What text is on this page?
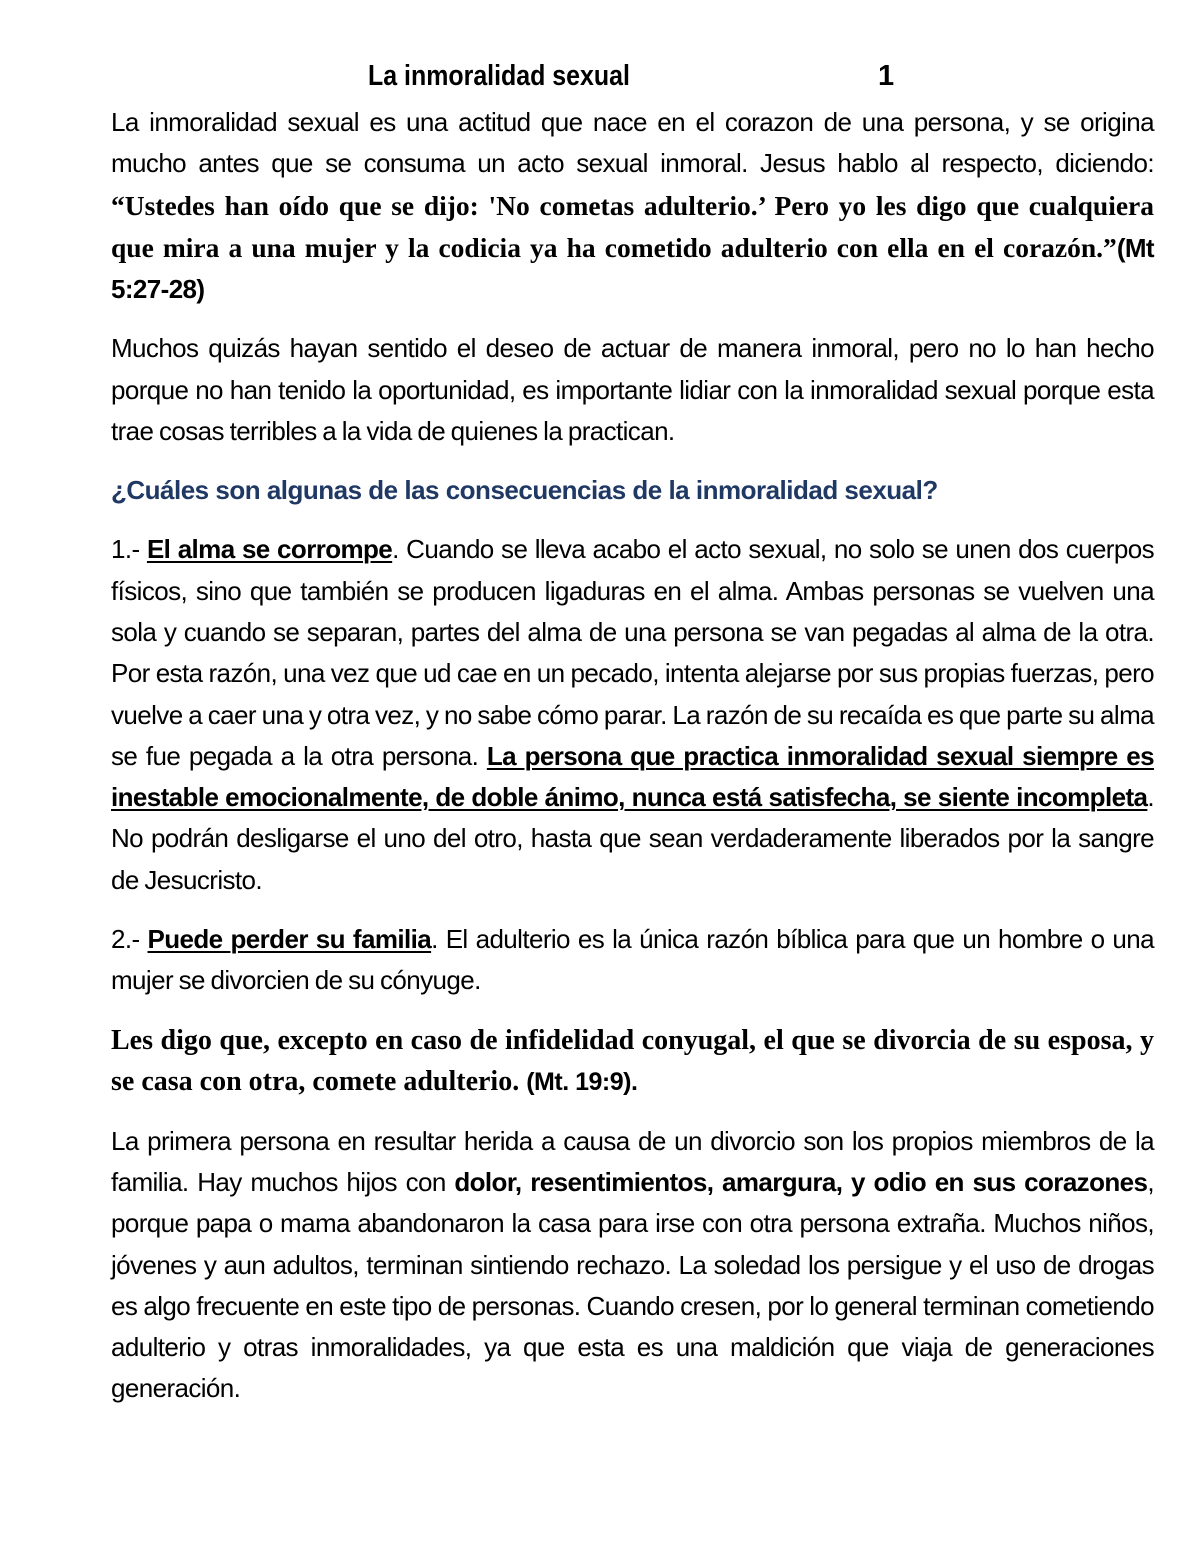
La inmoralidad sexual	1

La inmoralidad sexual es una actitud que nace en el corazon de una persona, y se origina mucho antes que se consuma un acto sexual inmoral. Jesus hablo al respecto, diciendo: “Ustedes han oído que se dijo: 'No cometas adulterio.’ Pero yo les digo que cualquiera que mira a una mujer y la codicia ya ha cometido adulterio con ella en el corazón.”(Mt 5:27-28)

Muchos quizás hayan sentido el deseo de actuar de manera inmoral, pero no lo han hecho porque no han tenido la oportunidad, es importante lidiar con la inmoralidad sexual porque esta trae cosas terribles a la vida de quienes la practican.

¿Cuáles son algunas de las consecuencias de la inmoralidad sexual?

1.- El alma se corrompe. Cuando se lleva acabo el acto sexual, no solo se unen dos cuerpos físicos, sino que también se producen ligaduras en el alma. Ambas personas se vuelven una sola y cuando se separan, partes del alma de una persona se van pegadas al alma de la otra. Por esta razón, una vez que ud cae en un pecado, intenta alejarse por sus propias fuerzas, pero vuelve a caer una y otra vez, y no sabe cómo parar. La razón de su recaída es que parte su alma se fue pegada a la otra persona. La persona que practica inmoralidad sexual siempre es inestable emocionalmente, de doble ánimo, nunca está satisfecha, se siente incompleta. No podrán desligarse el uno del otro, hasta que sean verdaderamente liberados por la sangre de Jesucristo.

2.- Puede perder su familia. El adulterio es la única razón bíblica para que un hombre o una mujer se divorcien de su cónyuge.

Les digo que, excepto en caso de infidelidad conyugal, el que se divorcia de su esposa, y se casa con otra, comete adulterio. (Mt. 19:9).

La primera persona en resultar herida a causa de un divorcio son los propios miembros de la familia. Hay muchos hijos con dolor, resentimientos, amargura, y odio en sus corazones, porque papa o mama abandonaron la casa para irse con otra persona extraña. Muchos niños, jóvenes y aun adultos, terminan sintiendo rechazo. La soledad los persigue y el uso de drogas es algo frecuente en este tipo de personas. Cuando cresen, por lo general terminan cometiendo adulterio y otras inmoralidades, ya que esta es una maldición que viaja de generaciones generación.
